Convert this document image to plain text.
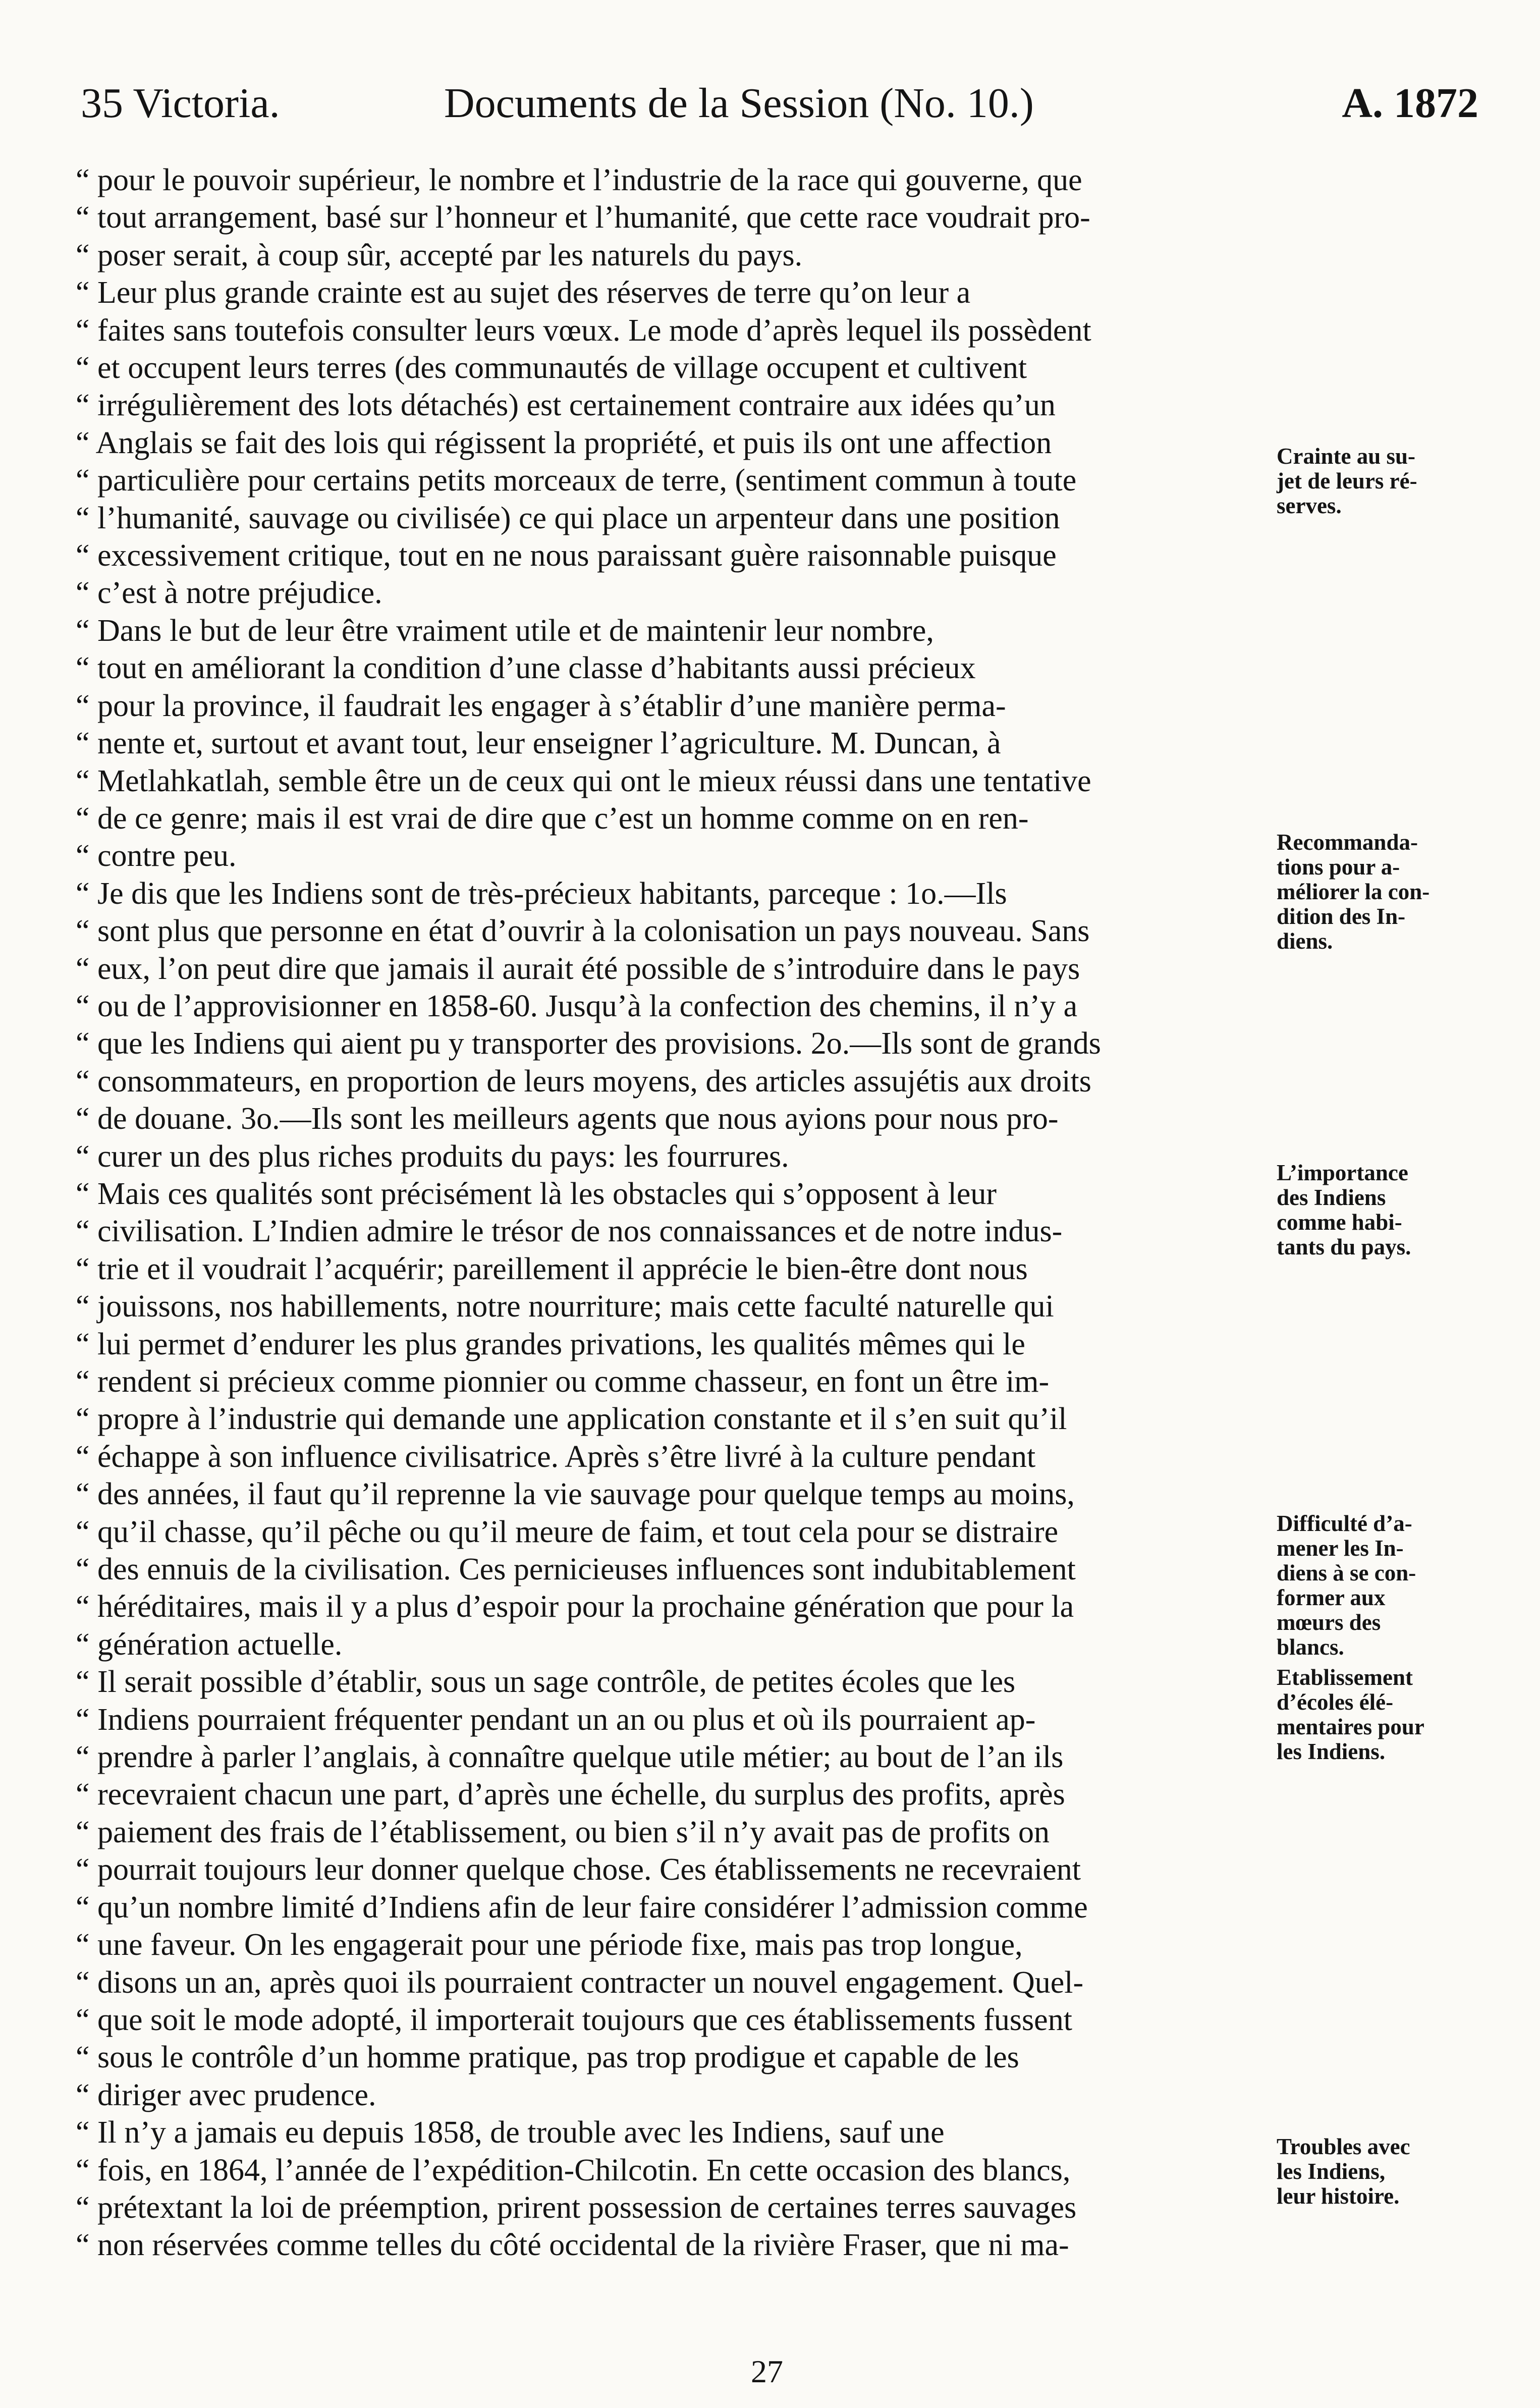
35 Victoria.	Documents de la Session (No. 10.)	A. 1872
“ pour le pouvoir supérieur, le nombre et l’industrie de la race qui gouverne, que
“ tout arrangement, basé sur l’honneur et l’humanité, que cette race voudrait pro-
“ poser serait, à coup sûr, accepté par les naturels du pays.
“ Leur plus grande crainte est au sujet des réserves de terre qu’on leur a
“ faites sans toutefois consulter leurs vœux. Le mode d’après lequel ils possèdent
“ et occupent leurs terres (des communautés de village occupent et cultivent
“ irrégulièrement des lots détachés) est certainement contraire aux idées qu’un
“ Anglais se fait des lois qui régissent la propriété, et puis ils ont une affection
“ particulière pour certains petits morceaux de terre, (sentiment commun à toute
“ l’humanité, sauvage ou civilisée) ce qui place un arpenteur dans une position
“ excessivement critique, tout en ne nous paraissant guère raisonnable puisque
“ c’est à notre préjudice.
“ Dans le but de leur être vraiment utile et de maintenir leur nombre,
“ tout en améliorant la condition d’une classe d’habitants aussi précieux
“ pour la province, il faudrait les engager à s’établir d’une manière perma-
“ nente et, surtout et avant tout, leur enseigner l’agriculture. M. Duncan, à
“ Metlahkatlah, semble être un de ceux qui ont le mieux réussi dans une tentative
“ de ce genre; mais il est vrai de dire que c’est un homme comme on en ren-
“ contre peu.
“ Je dis que les Indiens sont de très-précieux habitants, parceque : 1o.—Ils
“ sont plus que personne en état d’ouvrir à la colonisation un pays nouveau. Sans
“ eux, l’on peut dire que jamais il aurait été possible de s’introduire dans le pays
“ ou de l’approvisionner en 1858-60. Jusqu’à la confection des chemins, il n’y a
“ que les Indiens qui aient pu y transporter des provisions. 2o.—Ils sont de grands
“ consommateurs, en proportion de leurs moyens, des articles assujétis aux droits
“ de douane. 3o.—Ils sont les meilleurs agents que nous ayions pour nous pro-
“ curer un des plus riches produits du pays: les fourrures.
“ Mais ces qualités sont précisément là les obstacles qui s’opposent à leur
“ civilisation. L’Indien admire le trésor de nos connaissances et de notre indus-
“ trie et il voudrait l’acquérir; pareillement il apprécie le bien-être dont nous
“ jouissons, nos habillements, notre nourriture; mais cette faculté naturelle qui
“ lui permet d’endurer les plus grandes privations, les qualités mêmes qui le
“ rendent si précieux comme pionnier ou comme chasseur, en font un être im-
“ propre à l’industrie qui demande une application constante et il s’en suit qu’il
“ échappe à son influence civilisatrice. Après s’être livré à la culture pendant
“ des années, il faut qu’il reprenne la vie sauvage pour quelque temps au moins,
“ qu’il chasse, qu’il pêche ou qu’il meure de faim, et tout cela pour se distraire
“ des ennuis de la civilisation. Ces pernicieuses influences sont indubitablement
“ héréditaires, mais il y a plus d’espoir pour la prochaine génération que pour la
“ génération actuelle.
“ Il serait possible d’établir, sous un sage contrôle, de petites écoles que les
“ Indiens pourraient fréquenter pendant un an ou plus et où ils pourraient ap-
“ prendre à parler l’anglais, à connaître quelque utile métier; au bout de l’an ils
“ recevraient chacun une part, d’après une échelle, du surplus des profits, après
“ paiement des frais de l’établissement, ou bien s’il n’y avait pas de profits on
“ pourrait toujours leur donner quelque chose. Ces établissements ne recevraient
“ qu’un nombre limité d’Indiens afin de leur faire considérer l’admission comme
“ une faveur. On les engagerait pour une période fixe, mais pas trop longue,
“ disons un an, après quoi ils pourraient contracter un nouvel engagement. Quel-
“ que soit le mode adopté, il importerait toujours que ces établissements fussent
“ sous le contrôle d’un homme pratique, pas trop prodigue et capable de les
“ diriger avec prudence.
“ Il n’y a jamais eu depuis 1858, de trouble avec les Indiens, sauf une
“ fois, en 1864, l’année de l’expédition-Chilcotin. En cette occasion des blancs,
“ prétextant la loi de préemption, prirent possession de certaines terres sauvages
“ non réservées comme telles du côté occidental de la rivière Fraser, que ni ma-
Crainte au su-
jet de leurs ré-
serves.
Recommanda-
tions pour a-
méliorer la con-
dition des In-
diens.
L’importance
des Indiens
comme habi-
tants du pays.
Difficulté d’a-
mener les In-
diens à se con-
former aux
mœurs des
blancs.
Etablissement
d’écoles élé-
mentaires pour
les Indiens.
Troubles avec
les Indiens,
leur histoire.
27
